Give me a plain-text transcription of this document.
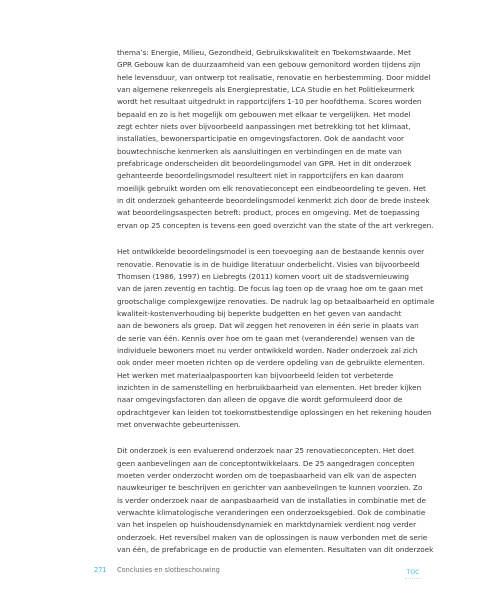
thema’s: Energie, Milieu, Gezondheid, Gebruikskwaliteit en Toekomstwaarde. Met
GPR Gebouw kan de duurzaamheid van een gebouw gemonitord worden tijdens zijn
hele levensduur, van ontwerp tot realisatie, renovatie en herbestemming. Door middel
van algemene rekenregels als Energieprestatie, LCA Studie en het Politiekeurmerk
wordt het resultaat uitgedrukt in rapportcijfers 1-10 per hoofdthema. Scores worden
bepaald en zo is het mogelijk om gebouwen met elkaar te vergelijken. Het model
zegt echter niets over bijvoorbeeld aanpassingen met betrekking tot het klimaat,
installaties, bewonersparticipatie en omgevingsfactoren. Ook de aandacht voor
bouwtechnische kenmerken als aansluitingen en verbindingen en de mate van
prefabricage onderscheiden dit beoordelingsmodel van GPR. Het in dit onderzoek
gehanteerde beoordelingsmodel resulteert niet in rapportcijfers en kan daarom
moeilijk gebruikt worden om elk renovatieconcept een eindbeoordeling te geven. Het
in dit onderzoek gehanteerde beoordelingsmodel kenmerkt zich door de brede insteek
wat beoordelingsaspecten betreft: product, proces en omgeving. Met de toepassing
ervan op 25 concepten is tevens een goed overzicht van the state of the art verkregen.

Het ontwikkelde beoordelingsmodel is een toevoeging aan de bestaande kennis over
renovatie. Renovatie is in de huidige literatuur onderbelicht. Visies van bijvoorbeeld
Thomsen (1986, 1997) en Liebregts (2011) komen voort uit de stadsvernieuwing
van de jaren zeventig en tachtig. De focus lag toen op de vraag hoe om te gaan met
grootschalige complexgewijze renovaties. De nadruk lag op betaalbaarheid en optimale
kwaliteit-kostenverhouding bij beperkte budgetten en het geven van aandacht
aan de bewoners als groep. Dat wil zeggen het renoveren in één serie in plaats van
de serie van één. Kennis over hoe om te gaan met (veranderende) wensen van de
individuele bewoners moet nu verder ontwikkeld worden. Nader onderzoek zal zich
ook onder meer moeten richten op de verdere opdeling van de gebruikte elementen.
Het werken met materiaalpaspoorten kan bijvoorbeeld leiden tot verbeterde
inzichten in de samenstelling en herbruikbaarheid van elementen. Het breder kijken
naar omgevingsfactoren dan alleen de opgave die wordt geformuleerd door de
opdrachtgever kan leiden tot toekomstbestendige oplossingen en het rekening houden
met onverwachte gebeurtenissen.

Dit onderzoek is een evaluerend onderzoek naar 25 renovatieconcepten. Het doet
geen aanbevelingen aan de conceptontwikkelaars. De 25 aangedragen concepten
moeten verder onderzocht worden om de toepasbaarheid van elk van de aspecten
nauwkeuriger te beschrijven en gerichter van aanbevelingen te kunnen voorzien. Zo
is verder onderzoek naar de aanpasbaarheid van de installaties in combinatie met de
verwachte klimatologische veranderingen een onderzoeksgebied. Ook de combinatie
van het inspelen op huishoudensdynamiek en marktdynamiek verdient nog verder
onderzoek. Het reversibel maken van de oplossingen is nauw verbonden met de serie
van één, de prefabricage en de productie van elementen. Resultaten van dit onderzoek

271 Conclusies en slotbeschouwing	TOC
